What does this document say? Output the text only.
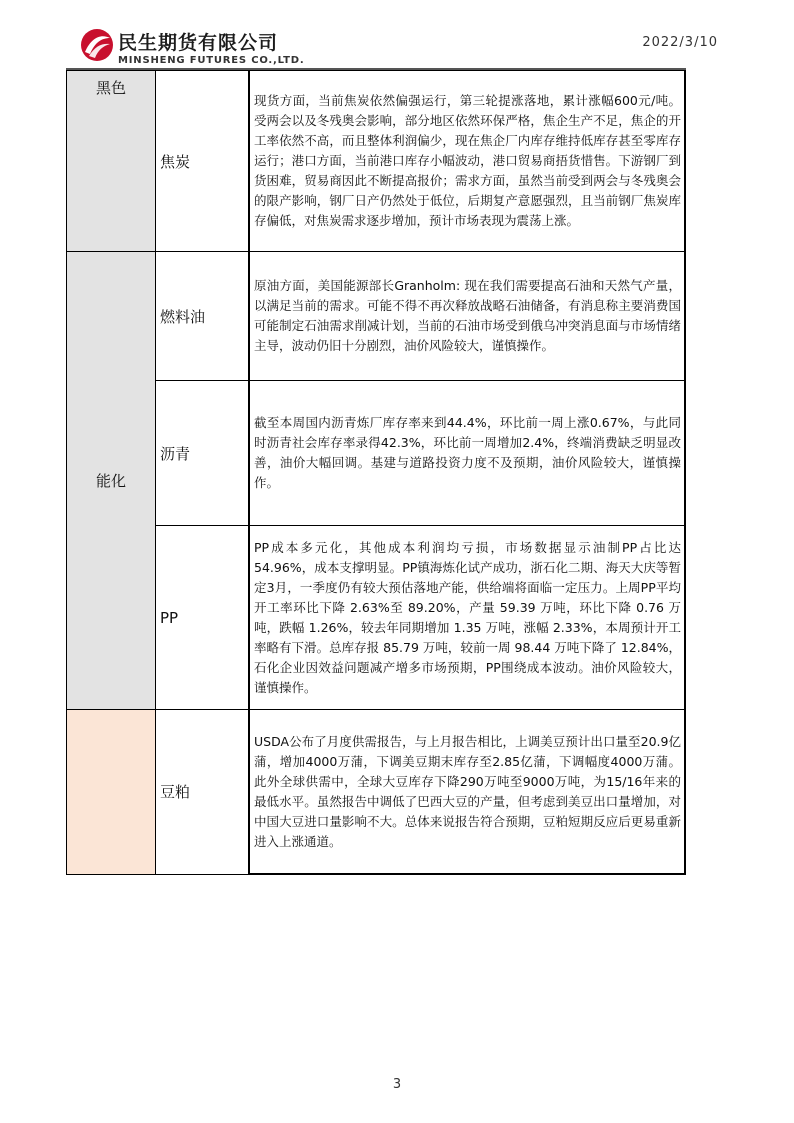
民生期货有限公司
MINSHENG FUTURES CO.,LTD.
2022/3/10
黑色	焦炭	现货方面，当前焦炭依然偏强运行，第三轮提涨落地，累计涨幅600元/吨。受两会以及冬残奥会影响，部分地区依然环保严格，焦企生产不足，焦企的开工率依然不高，而且整体利润偏少，现在焦企厂内库存维持低库存甚至零库存运行；港口方面，当前港口库存小幅波动，港口贸易商捂货惜售。下游钢厂到货困难，贸易商因此不断提高报价；需求方面，虽然当前受到两会与冬残奥会的限产影响，钢厂日产仍然处于低位，后期复产意愿强烈，且当前钢厂焦炭库存偏低，对焦炭需求逐步增加，预计市场表现为震荡上涨。
能化	燃料油	原油方面，美国能源部长Granholm: 现在我们需要提高石油和天然气产量，以满足当前的需求。可能不得不再次释放战略石油储备，有消息称主要消费国可能制定石油需求削减计划，当前的石油市场受到俄乌冲突消息面与市场情绪主导，波动仍旧十分剧烈，油价风险较大，谨慎操作。
	沥青	截至本周国内沥青炼厂库存率来到44.4%，环比前一周上涨0.67%，与此同时沥青社会库存率录得42.3%，环比前一周增加2.4%，终端消费缺乏明显改善，油价大幅回调。基建与道路投资力度不及预期，油价风险较大，谨慎操作。
	PP	PP成本多元化，其他成本利润均亏损，市场数据显示油制PP占比达54.96%，成本支撑明显。PP镇海炼化试产成功，浙石化二期、海天大庆等暂定3月，一季度仍有较大预估落地产能，供给端将面临一定压力。上周PP平均开工率环比下降 2.63%至 89.20%，产量 59.39 万吨，环比下降 0.76 万吨，跌幅 1.26%，较去年同期增加 1.35 万吨，涨幅 2.33%，本周预计开工率略有下滑。总库存报 85.79 万吨，较前一周 98.44 万吨下降了 12.84%，石化企业因效益问题减产增多市场预期，PP围绕成本波动。油价风险较大，谨慎操作。
	豆粕	USDA公布了月度供需报告，与上月报告相比，上调美豆预计出口量至20.9亿蒲，增加4000万蒲，下调美豆期末库存至2.85亿蒲，下调幅度4000万蒲。此外全球供需中，全球大豆库存下降290万吨至9000万吨，为15/16年来的最低水平。虽然报告中调低了巴西大豆的产量，但考虑到美豆出口量增加，对中国大豆进口量影响不大。总体来说报告符合预期，豆粕短期反应后更易重新进入上涨通道。
3
